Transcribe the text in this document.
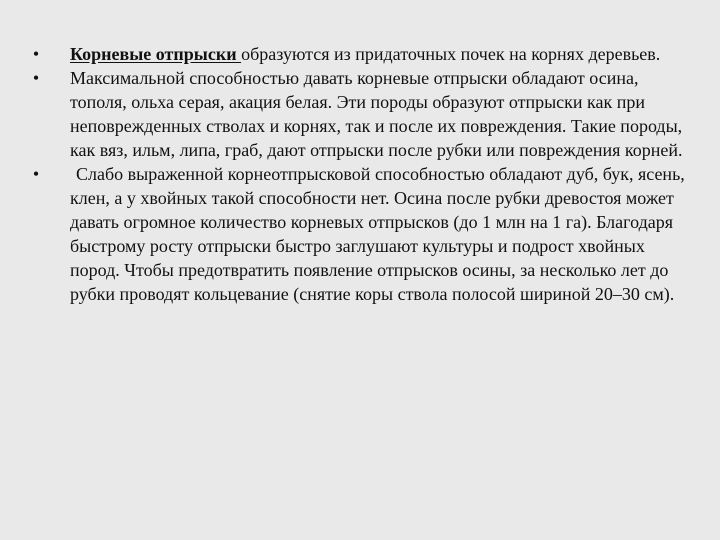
• Корневые отпрыски образуются из придаточных почек на корнях деревьев.
• Максимальной способностью давать корневые отпрыски обладают осина, тополя, ольха серая, акация белая. Эти породы образуют отпрыски как при неповрежденных стволах и корнях, так и после их повреждения. Такие породы, как вяз, ильм, липа, граб, дают отпрыски после рубки или повреждения корней.
• Слабо выраженной корнеотпрысковой способностью обладают дуб, бук, ясень, клен, а у хвойных такой способности нет. Осина после рубки древостоя может давать огромное количество корневых отпрысков (до 1 млн на 1 га). Благодаря быстрому росту отпрыски быстро заглушают культуры и подрост хвойных пород. Чтобы предотвратить появление отпрысков осины, за несколько лет до рубки проводят кольцевание (снятие коры ствола полосой шириной 20–30 см).
